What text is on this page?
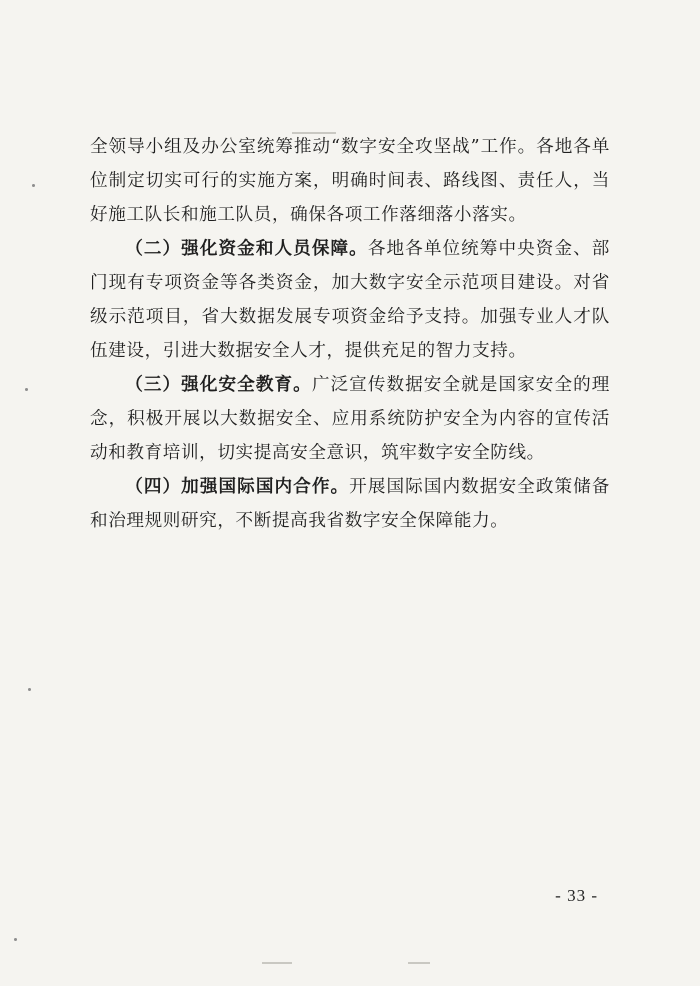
全领导小组及办公室统筹推动“数字安全攻坚战”工作。各地各单位制定切实可行的实施方案，明确时间表、路线图、责任人，当好施工队长和施工队员，确保各项工作落细落小落实。

（二）强化资金和人员保障。各地各单位统筹中央资金、部门现有专项资金等各类资金，加大数字安全示范项目建设。对省级示范项目，省大数据发展专项资金给予支持。加强专业人才队伍建设，引进大数据安全人才，提供充足的智力支持。

（三）强化安全教育。广泛宣传数据安全就是国家安全的理念，积极开展以大数据安全、应用系统防护安全为内容的宣传活动和教育培训，切实提高安全意识，筑牢数字安全防线。

（四）加强国际国内合作。开展国际国内数据安全政策储备和治理规则研究，不断提高我省数字安全保障能力。

- 33 -
